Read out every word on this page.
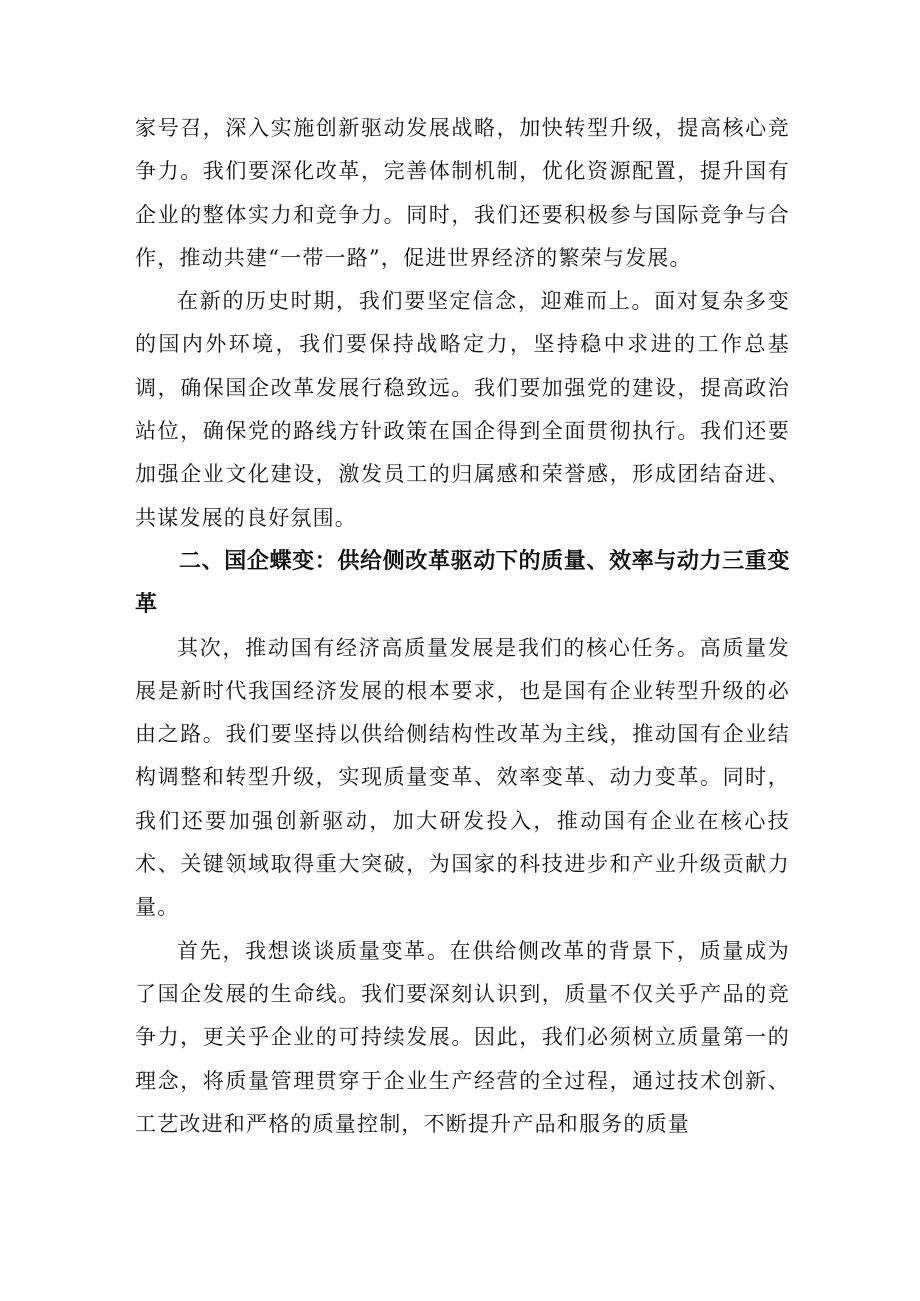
家号召，深入实施创新驱动发展战略，加快转型升级，提高核心竞争力。我们要深化改革，完善体制机制，优化资源配置，提升国有企业的整体实力和竞争力。同时，我们还要积极参与国际竞争与合作，推动共建“一带一路”，促进世界经济的繁荣与发展。

在新的历史时期，我们要坚定信念，迎难而上。面对复杂多变的国内外环境，我们要保持战略定力，坚持稳中求进的工作总基调，确保国企改革发展行稳致远。我们要加强党的建设，提高政治站位，确保党的路线方针政策在国企得到全面贯彻执行。我们还要加强企业文化建设，激发员工的归属感和荣誉感，形成团结奋进、共谋发展的良好氛围。

二、国企蝶变：供给侧改革驱动下的质量、效率与动力三重变革

其次，推动国有经济高质量发展是我们的核心任务。高质量发展是新时代我国经济发展的根本要求，也是国有企业转型升级的必由之路。我们要坚持以供给侧结构性改革为主线，推动国有企业结构调整和转型升级，实现质量变革、效率变革、动力变革。同时，我们还要加强创新驱动，加大研发投入，推动国有企业在核心技术、关键领域取得重大突破，为国家的科技进步和产业升级贡献力量。

首先，我想谈谈质量变革。在供给侧改革的背景下，质量成为了国企发展的生命线。我们要深刻认识到，质量不仅关乎产品的竞争力，更关乎企业的可持续发展。因此，我们必须树立质量第一的理念，将质量管理贯穿于企业生产经营的全过程，通过技术创新、工艺改进和严格的质量控制，不断提升产品和服务的质量
